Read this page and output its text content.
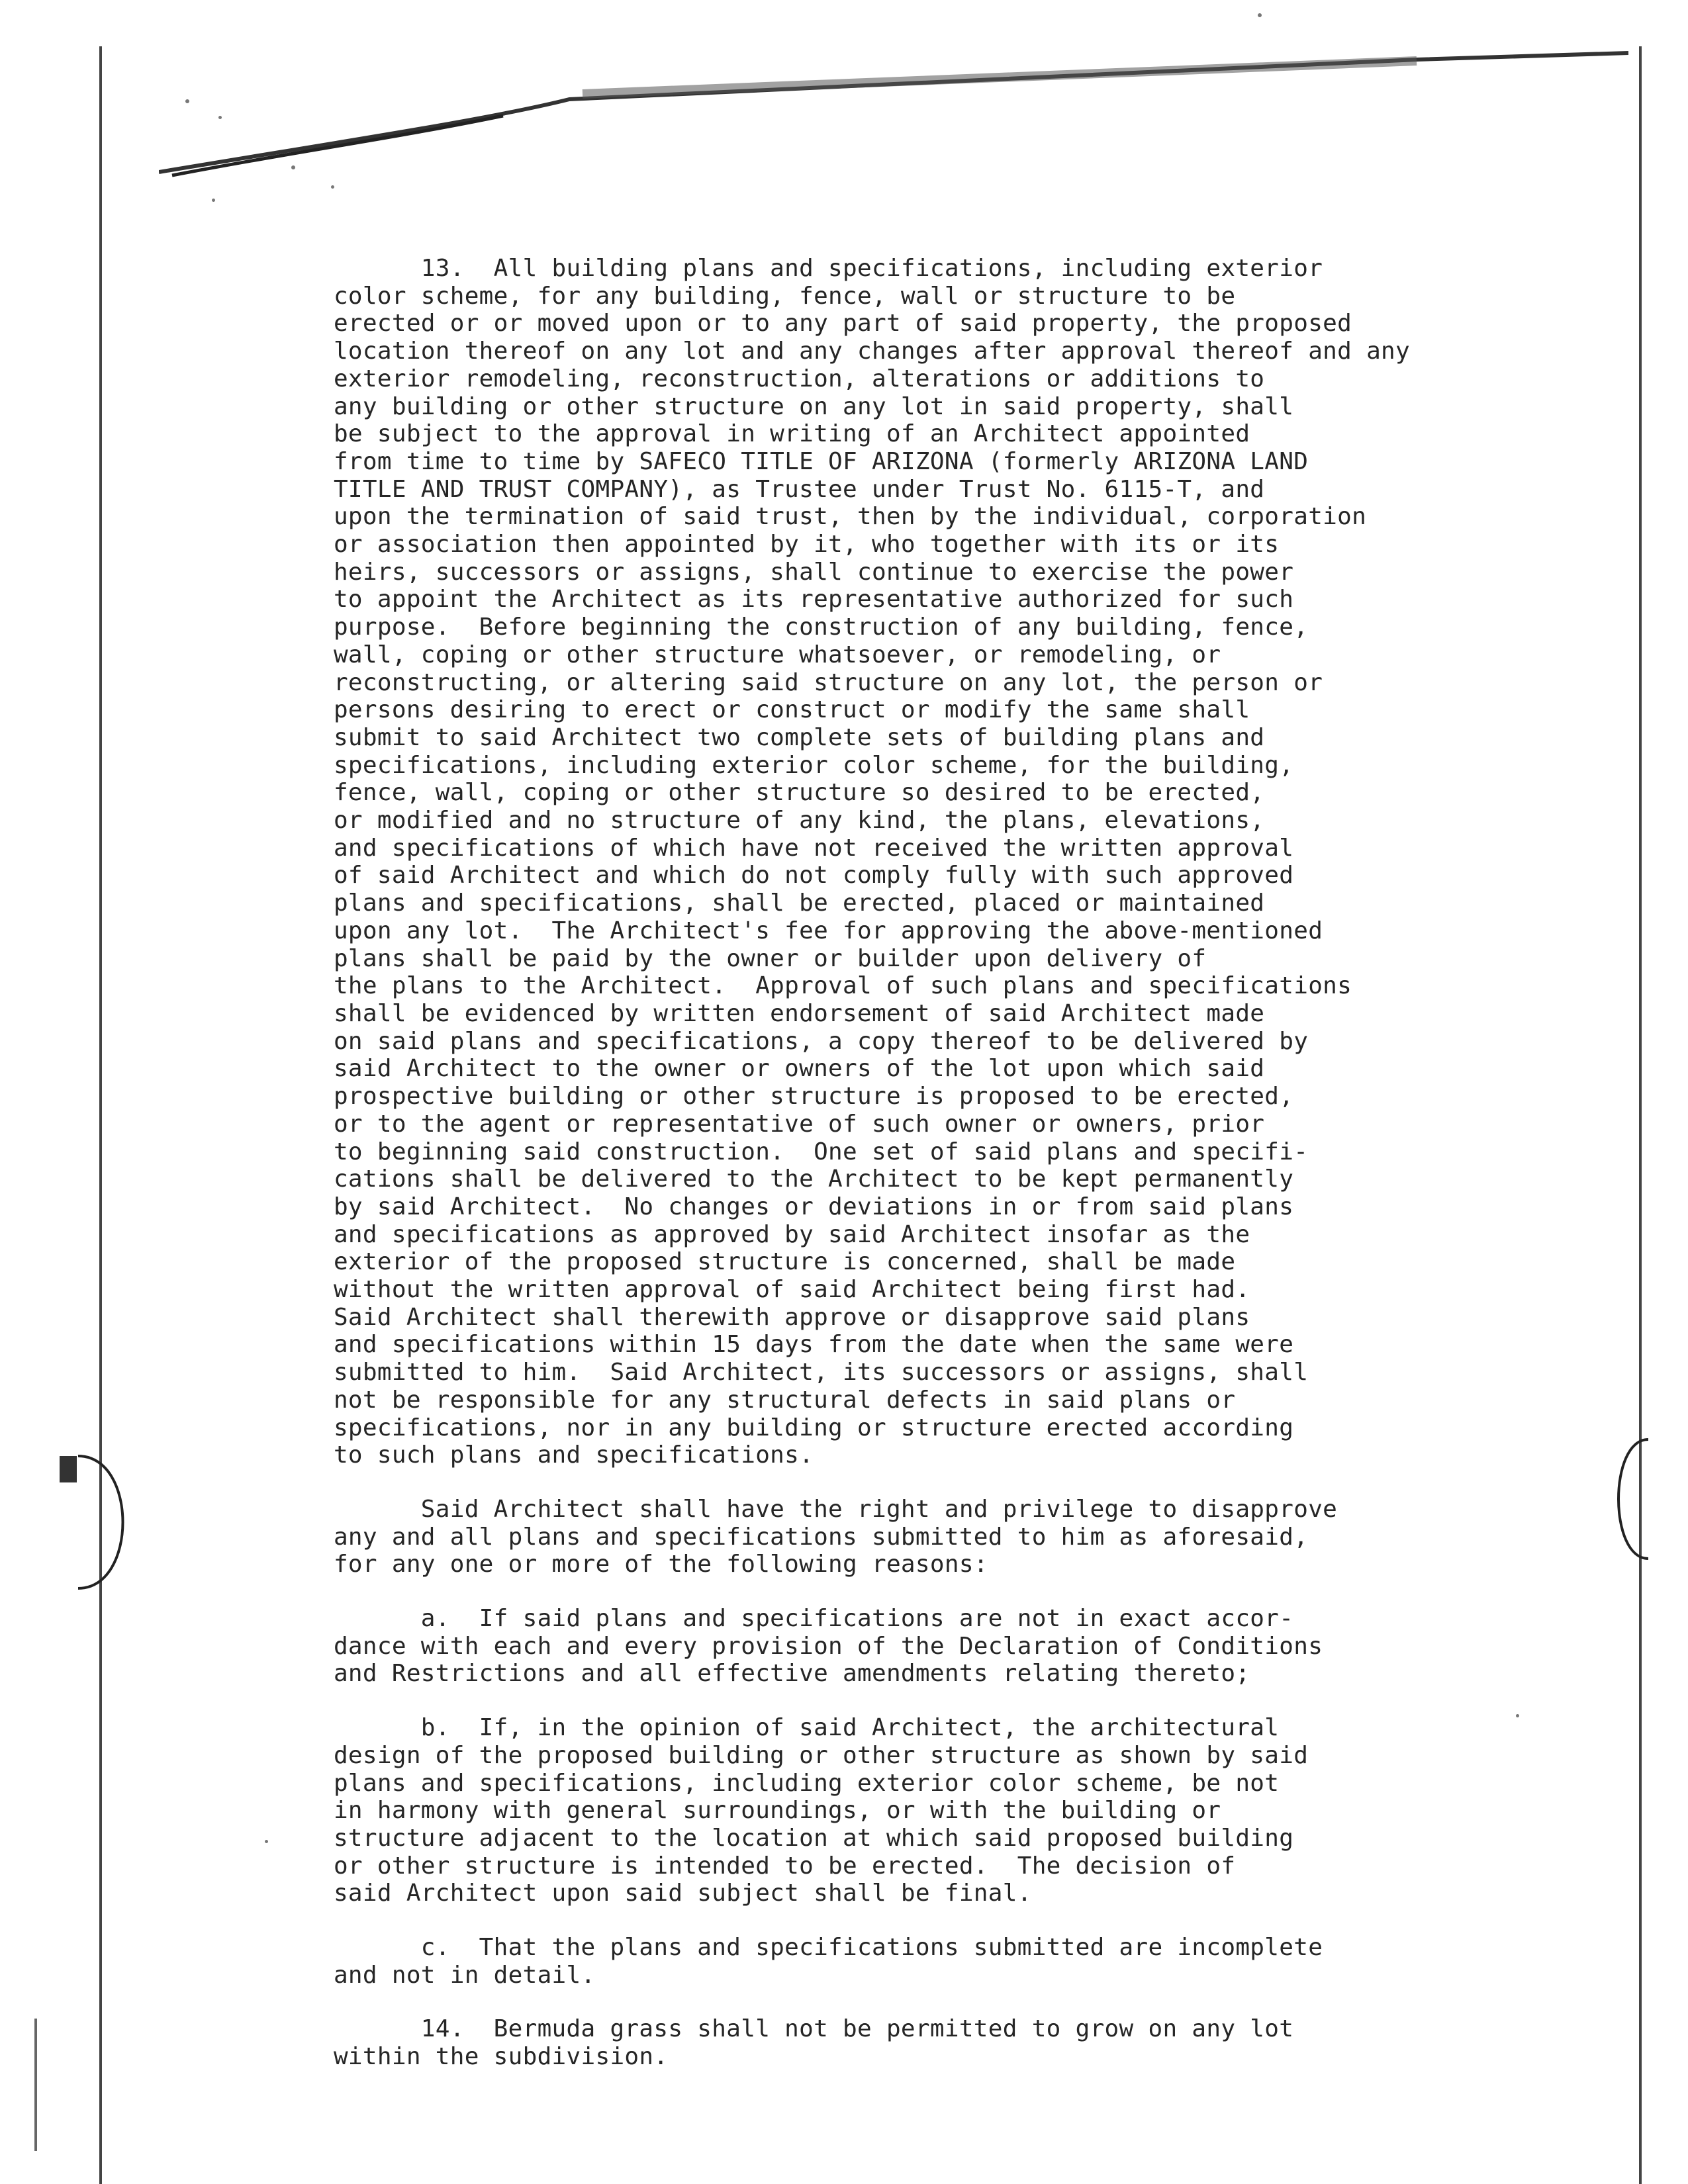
13.  All building plans and specifications, including exterior
color scheme, for any building, fence, wall or structure to be
erected or or moved upon or to any part of said property, the proposed
location thereof on any lot and any changes after approval thereof and any
exterior remodeling, reconstruction, alterations or additions to
any building or other structure on any lot in said property, shall
be subject to the approval in writing of an Architect appointed
from time to time by SAFECO TITLE OF ARIZONA (formerly ARIZONA LAND
TITLE AND TRUST COMPANY), as Trustee under Trust No. 6115-T, and
upon the termination of said trust, then by the individual, corporation
or association then appointed by it, who together with its or its
heirs, successors or assigns, shall continue to exercise the power
to appoint the Architect as its representative authorized for such
purpose.  Before beginning the construction of any building, fence,
wall, coping or other structure whatsoever, or remodeling, or
reconstructing, or altering said structure on any lot, the person or
persons desiring to erect or construct or modify the same shall
submit to said Architect two complete sets of building plans and
specifications, including exterior color scheme, for the building,
fence, wall, coping or other structure so desired to be erected,
or modified and no structure of any kind, the plans, elevations,
and specifications of which have not received the written approval
of said Architect and which do not comply fully with such approved
plans and specifications, shall be erected, placed or maintained
upon any lot.  The Architect's fee for approving the above-mentioned
plans shall be paid by the owner or builder upon delivery of
the plans to the Architect.  Approval of such plans and specifications
shall be evidenced by written endorsement of said Architect made
on said plans and specifications, a copy thereof to be delivered by
said Architect to the owner or owners of the lot upon which said
prospective building or other structure is proposed to be erected,
or to the agent or representative of such owner or owners, prior
to beginning said construction.  One set of said plans and specifi-
cations shall be delivered to the Architect to be kept permanently
by said Architect.  No changes or deviations in or from said plans
and specifications as approved by said Architect insofar as the
exterior of the proposed structure is concerned, shall be made
without the written approval of said Architect being first had.
Said Architect shall therewith approve or disapprove said plans
and specifications within 15 days from the date when the same were
submitted to him.  Said Architect, its successors or assigns, shall
not be responsible for any structural defects in said plans or
specifications, nor in any building or structure erected according
to such plans and specifications.
Said Architect shall have the right and privilege to disapprove
any and all plans and specifications submitted to him as aforesaid,
for any one or more of the following reasons:
a.  If said plans and specifications are not in exact accor-
dance with each and every provision of the Declaration of Conditions
and Restrictions and all effective amendments relating thereto;
b.  If, in the opinion of said Architect, the architectural
design of the proposed building or other structure as shown by said
plans and specifications, including exterior color scheme, be not
in harmony with general surroundings, or with the building or
structure adjacent to the location at which said proposed building
or other structure is intended to be erected.  The decision of
said Architect upon said subject shall be final.
c.  That the plans and specifications submitted are incomplete
and not in detail.
14.  Bermuda grass shall not be permitted to grow on any lot
within the subdivision.
